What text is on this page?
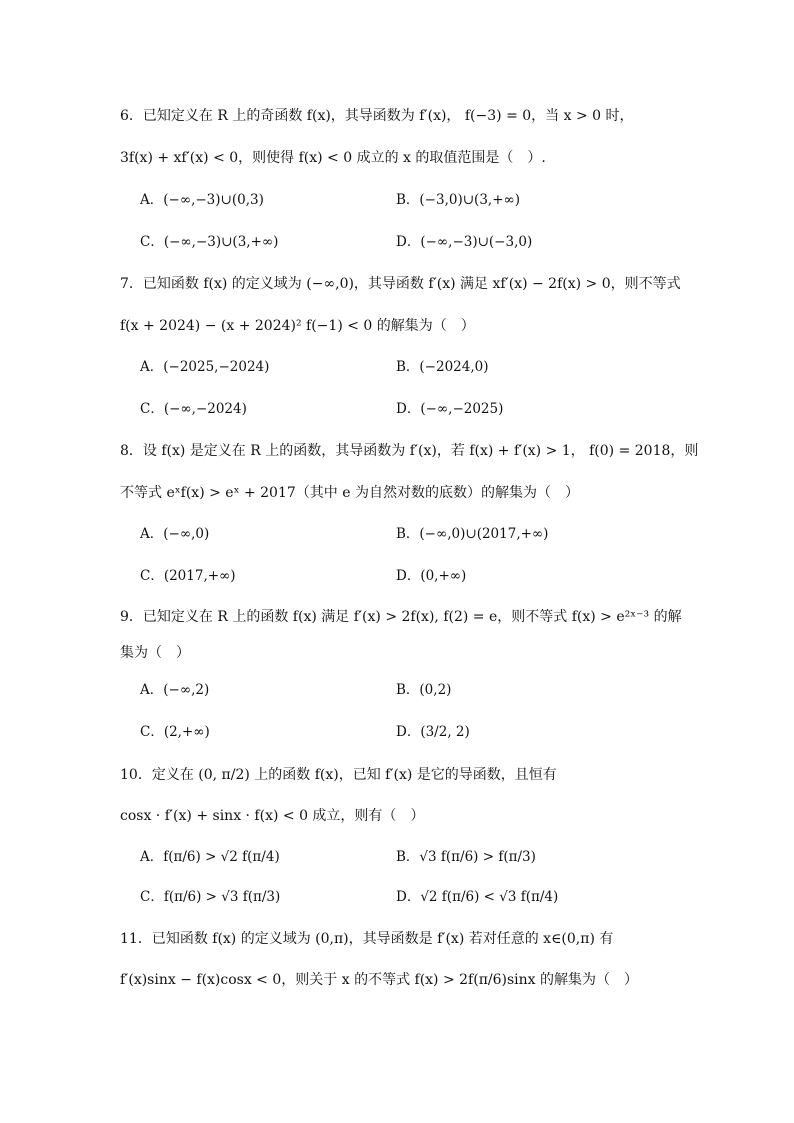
6．已知定义在 R 上的奇函数 f(x)，其导函数为 f′(x)， f(−3) = 0，当 x > 0 时，
3f(x) + xf′(x) < 0，则使得 f(x) < 0 成立的 x 的取值范围是（　）.
A．(−∞,−3)∪(0,3)	B．(−3,0)∪(3,+∞)
C．(−∞,−3)∪(3,+∞)	D．(−∞,−3)∪(−3,0)
7．已知函数 f(x) 的定义域为 (−∞,0)，其导函数 f′(x) 满足 xf′(x) − 2f(x) > 0，则不等式
f(x + 2024) − (x + 2024)² f(−1) < 0 的解集为（　）
A．(−2025,−2024)	B．(−2024,0)
C．(−∞,−2024)	D．(−∞,−2025)
8．设 f(x) 是定义在 R 上的函数，其导函数为 f′(x)，若 f(x) + f′(x) > 1， f(0) = 2018，则
不等式 eˣf(x) > eˣ + 2017（其中 e 为自然对数的底数）的解集为（　）
A．(−∞,0)	B．(−∞,0)∪(2017,+∞)
C．(2017,+∞)	D．(0,+∞)
9．已知定义在 R 上的函数 f(x) 满足 f′(x) > 2f(x), f(2) = e，则不等式 f(x) > e²ˣ⁻³ 的解
集为（　）
A．(−∞,2)	B．(0,2)
C．(2,+∞)	D．(3/2, 2)
10．定义在 (0, π/2) 上的函数 f(x)，已知 f′(x) 是它的导函数，且恒有
cosx · f′(x) + sinx · f(x) < 0 成立，则有（　）
A．f(π/6) > √2 f(π/4)	B．√3 f(π/6) > f(π/3)
C．f(π/6) > √3 f(π/3)	D．√2 f(π/6) < √3 f(π/4)
11．已知函数 f(x) 的定义域为 (0,π)，其导函数是 f′(x) 若对任意的 x∈(0,π) 有
f′(x)sinx − f(x)cosx < 0，则关于 x 的不等式 f(x) > 2f(π/6)sinx 的解集为（　）
